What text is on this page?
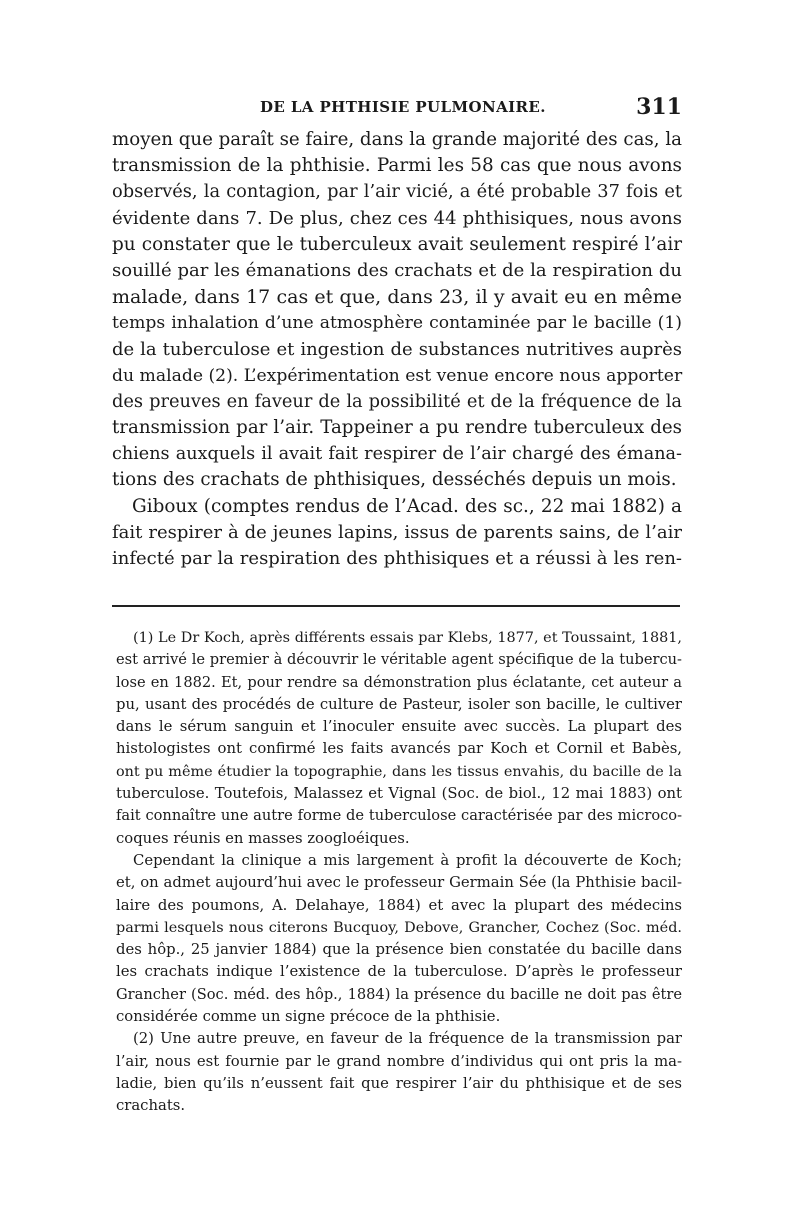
DE LA PHTHISIE PULMONAIRE.	311
moyen que paraît se faire, dans la grande majorité des cas, la
transmission de la phthisie. Parmi les 58 cas que nous avons
observés, la contagion, par l’air vicié, a été probable 37 fois et
évidente dans 7. De plus, chez ces 44 phthisiques, nous avons
pu constater que le tuberculeux avait seulement respiré l’air
souillé par les émanations des crachats et de la respiration du
malade, dans 17 cas et que, dans 23, il y avait eu en même
temps inhalation d’une atmosphère contaminée par le bacille (1)
de la tuberculose et ingestion de substances nutritives auprès
du malade (2). L’expérimentation est venue encore nous apporter
des preuves en faveur de la possibilité et de la fréquence de la
transmission par l’air. Tappeiner a pu rendre tuberculeux des
chiens auxquels il avait fait respirer de l’air chargé des émana-
tions des crachats de phthisiques, desséchés depuis un mois.
Giboux (comptes rendus de l’Acad. des sc., 22 mai 1882) a
fait respirer à de jeunes lapins, issus de parents sains, de l’air
infecté par la respiration des phthisiques et a réussi à les ren-
(1) Le Dr Koch, après différents essais par Klebs, 1877, et Toussaint, 1881,
est arrivé le premier à découvrir le véritable agent spécifique de la tubercu-
lose en 1882. Et, pour rendre sa démonstration plus éclatante, cet auteur a
pu, usant des procédés de culture de Pasteur, isoler son bacille, le cultiver
dans le sérum sanguin et l’inoculer ensuite avec succès. La plupart des
histologistes ont confirmé les faits avancés par Koch et Cornil et Babès,
ont pu même étudier la topographie, dans les tissus envahis, du bacille de la
tuberculose. Toutefois, Malassez et Vignal (Soc. de biol., 12 mai 1883) ont
fait connaître une autre forme de tuberculose caractérisée par des microco-
coques réunis en masses zoogloéiques.
Cependant la clinique a mis largement à profit la découverte de Koch;
et, on admet aujourd’hui avec le professeur Germain Sée (la Phthisie bacil-
laire des poumons, A. Delahaye, 1884) et avec la plupart des médecins
parmi lesquels nous citerons Bucquoy, Debove, Grancher, Cochez (Soc. méd.
des hôp., 25 janvier 1884) que la présence bien constatée du bacille dans
les crachats indique l’existence de la tuberculose. D’après le professeur
Grancher (Soc. méd. des hôp., 1884) la présence du bacille ne doit pas être
considérée comme un signe précoce de la phthisie.
(2) Une autre preuve, en faveur de la fréquence de la transmission par
l’air, nous est fournie par le grand nombre d’individus qui ont pris la ma-
ladie, bien qu’ils n’eussent fait que respirer l’air du phthisique et de ses
crachats.
